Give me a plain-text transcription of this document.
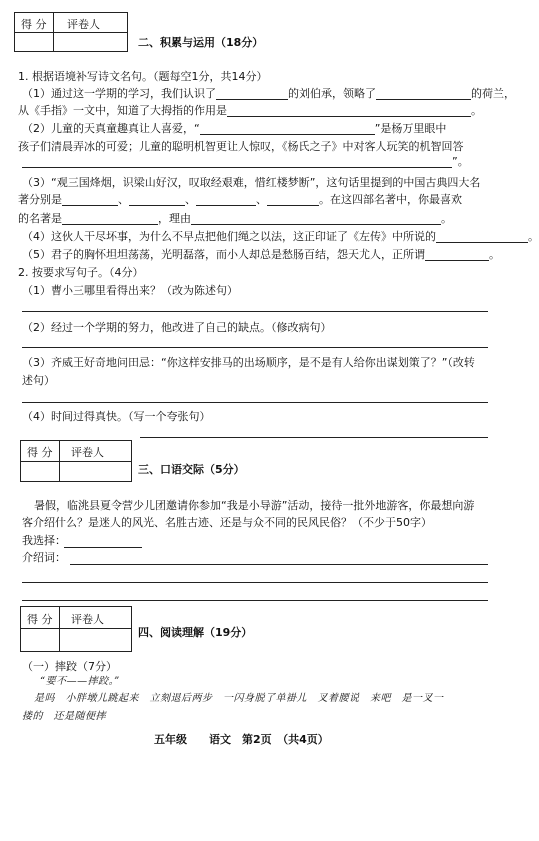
得 分 评卷人
二、积累与运用（18分）
1. 根据语境补写诗文名句。（题每空1分，共14分）
（1）通过这一学期的学习，我们认识了	的刘伯承，领略了	的荷兰，
从《手指》一文中，知道了大拇指的作用是	。
（2）儿童的天真童趣真让人喜爱，“	”是杨万里眼中
孩子们清晨弄冰的可爱；儿童的聪明机智更让人惊叹，《杨氏之子》中对客人玩笑的机智回答
”。
（3）“观三国烽烟，识梁山好汉，叹取经艰难，惜红楼梦断”，这句话里提到的中国古典四大名
著分别是	、	、	、	。在这四部名著中，你最喜欢
的名著是	，理由	。
（4）这伙人干尽坏事，为什么不早点把他们绳之以法，这正印证了《左传》中所说的	。
（5）君子的胸怀坦坦荡荡，光明磊落，而小人却总是愁肠百结，怨天尤人，正所谓	。
2. 按要求写句子。（4分）
（1）曹小三哪里看得出来？（改为陈述句）
（2）经过一个学期的努力，他改进了自己的缺点。（修改病句）
（3）齐威王好奇地问田忌：“你这样安排马的出场顺序，是不是有人给你出谋划策了？”（改转
述句）
（4）时间过得真快。（写一个夸张句）
得 分 评卷人
三、口语交际（5分）
暑假，临洮县夏令营少儿团邀请你参加“我是小导游”活动，接待一批外地游客，你最想向游
客介绍什么？是迷人的风光、名胜古迹、还是与众不同的民风民俗？（不少于50字）
我选择：
介绍词：
得 分 评卷人
四、阅读理解（19分）
（一）摔跤（7分）
“要不——摔跤。”
是吗　小胖墩儿跳起来　立刻退后两步　一闪身脱了单褂儿　叉着腰说　来吧　是一叉一
搂的　还是随便摔
五年级　　语文　第2页　（共4页）
